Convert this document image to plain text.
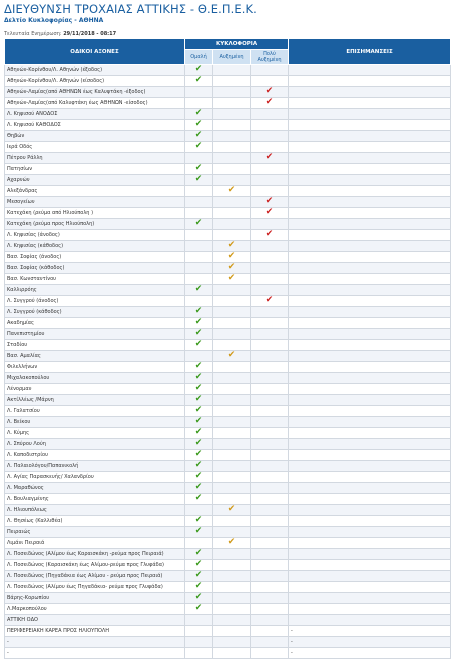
ΔΙΕΥΘΥΝΣΗ ΤΡΟΧΑΙΑΣ ΑΤΤΙΚΗΣ - Θ.Ε.Π.Ε.Κ.
Δελτίο Κυκλοφορίας - ΑΘΗΝΑ
Τελευταία Ενημέρωση: 29/11/2018 - 08:17
ΟΔΙΚΟΙ ΑΞΟΝΕΣ	ΚΥΚΛΟΦΟΡΙΑ			ΕΠΙΣΗΜΑΝΣΕΙΣ
	Ομαλή	Αυξημένη	Πολύ
Αυξημένη	
Αθηνών-Κορίνθου/Λ. Αθηνών (έξοδος)	✔			
Αθηνών-Κορίνθου/Λ. Αθηνών (είσοδος)	✔			
Αθηνών-Λαμίας(από ΑΘΗΝΩΝ έως Καλυφτάκη -έξοδος)			✔	
Αθηνών-Λαμίας(από Καλυφτάκη έως ΑΘΗΝΩΝ -είσοδος)			✔	
Λ. Κηφισού ΑΝΟΔΟΣ	✔			
Λ. Κηφισού ΚΑΘΟΔΟΣ	✔			
Θηβών	✔			
Ιερά Οδός	✔			
Πέτρου Ράλλη			✔	
Πατησίων	✔			
Αχαρνών	✔			
Αλεξάνδρας		✔		
Μεσογείων			✔	
Κατεχάκη (ρεύμα από Ηλιούπολη )			✔	
Κατεχάκη (ρεύμα προς Ηλιούπολη)	✔			
Λ. Κηφισίας (άνοδος)			✔	
Λ. Κηφισίας (κάθοδος)		✔		
Βασ. Σοφίας (άνοδος)		✔		
Βασ. Σοφίας (κάθοδος)		✔		
Βασ. Κωνσταντίνου		✔		
Καλλιρρόης	✔			
Λ. Συγγρού (άνοδος)			✔	
Λ. Συγγρού (κάθοδος)	✔			
Ακαδημίας	✔			
Πανεπιστημίου	✔			
Σταδίου	✔			
Βασ. Αμαλίας		✔		
Φιλελλήνων	✔			
Μιχαλακοπούλου	✔			
Λένορμαν	✔			
Ακτίλλέως /Μάρνη	✔			
Λ. Γαλατσίου	✔			
Λ. Βείκου	✔			
Λ. Κύμης	✔			
Λ. Σπύρου Λούη	✔			
Λ. Καποδιστρίου	✔			
Λ. Παλαιολόγου/Παπανικολή	✔			
Λ. Αγίας Παρασκευής/ Χαλανδρίου	✔			
Λ. Μαραθώνος	✔			
Λ. Βουλιαγμένης	✔			
Λ. Ηλιουπόλεως		✔		
Λ. Θησέως (Καλλιθέα)	✔			
Πειραιώς	✔			
Λιμάνι Πειραιά		✔		
Λ. Ποσειδώνος (Αλίμου έως Καραισκάκη -ρεύμα προς Πειραιά)	✔			
Λ. Ποσειδώνος (Καραισκάκη έως Αλίμου-ρεύμα προς Γλυφάδα)	✔			
Λ. Ποσειδώνος (Πηγαδάκια έως Αλίμου - ρεύμα προς Πειραιά)	✔			
Λ. Ποσειδώνος (Αλίμου έως Πηγαδάκια- ρεύμα προς Γλυφάδα)	✔			
Βάρης-Κορωπίου	✔			
Λ.Μαρκοπούλου	✔			
ΑΤΤΙΚΗ ΟΔΟ				
ΠΕΡΙΦΕΡΕΙΑΚΗ ΚΑΡΕΑ ΠΡΟΣ ΗΛΙΟΥΠΟΛΗ				-
-				-
-				-
